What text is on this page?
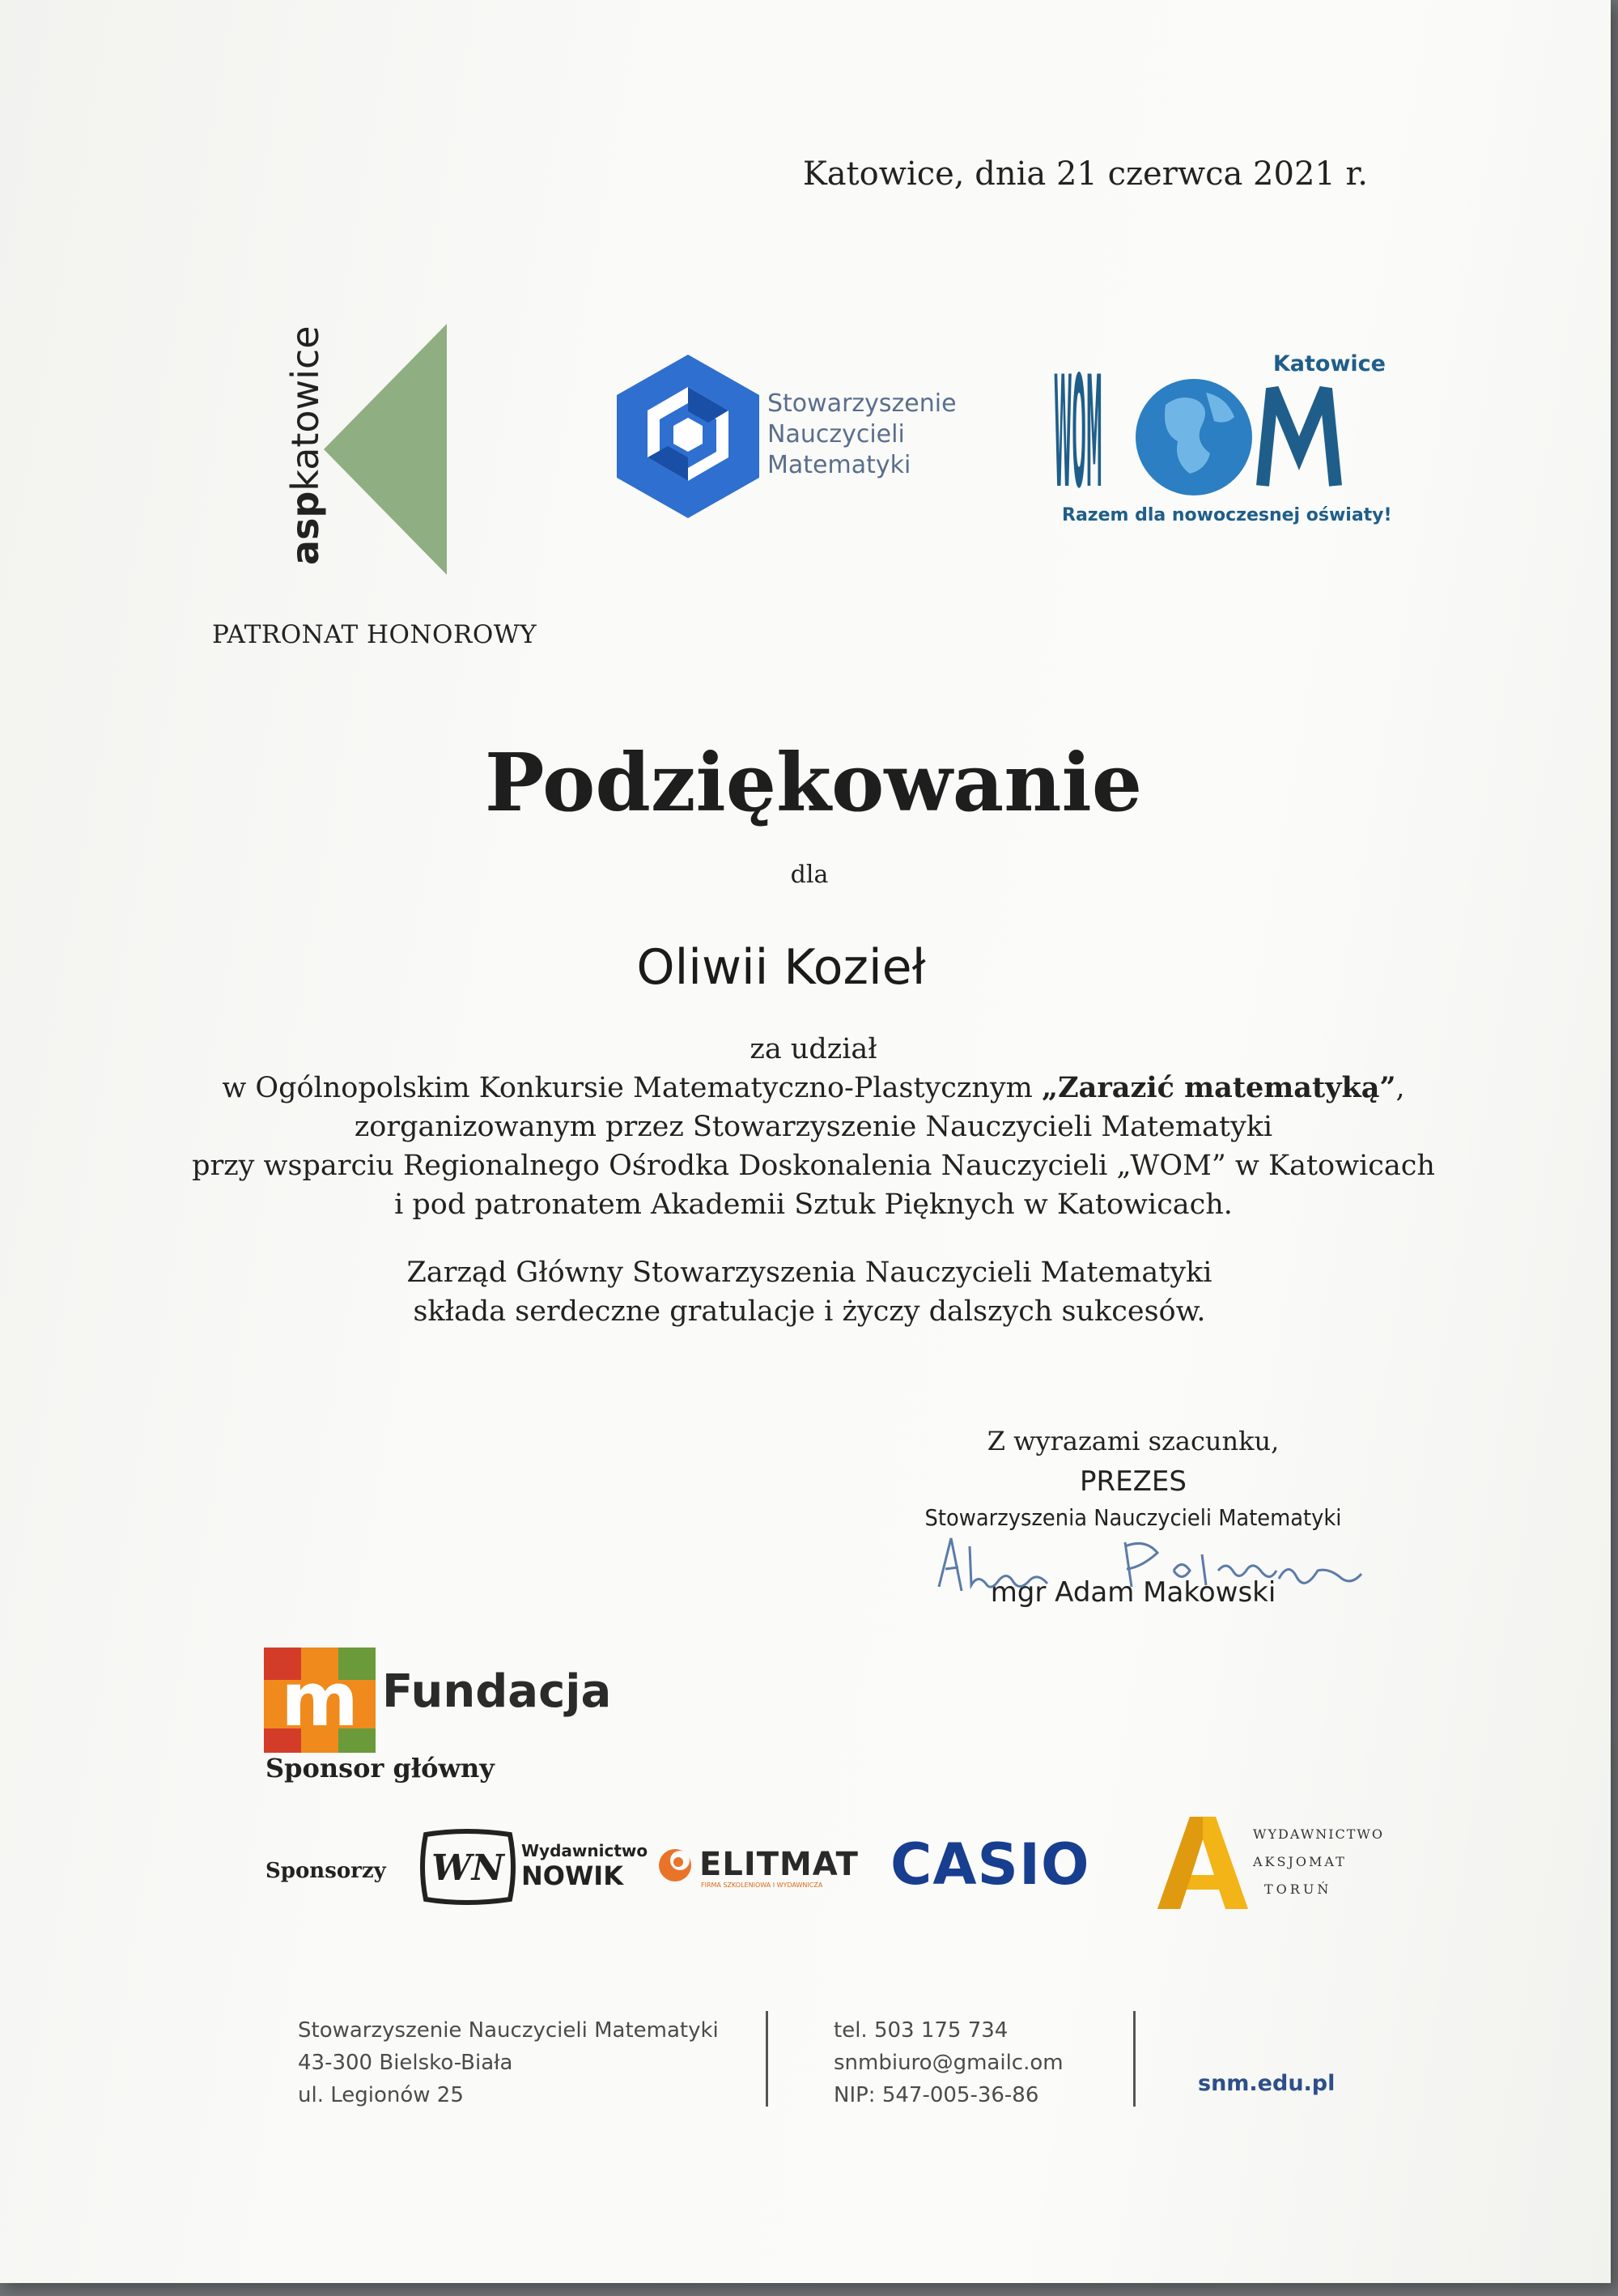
Katowice, dnia 21 czerwca 2021 r.
aspkatowice
PATRONAT HONOROWY
Stowarzyszenie
Nauczycieli
Matematyki WOM	Katowice
Razem dla nowoczesnej oświaty!
Podziękowanie
dla
Oliwii Kozieł

za udział

w Ogólnopolskim Konkursie Matematyczno-Plastycznym „Zarazić matematyką”,

zorganizowanym przez Stowarzyszenie Nauczycieli Matematyki

przy wsparciu Regionalnego Ośrodka Doskonalenia Nauczycieli „WOM” w Katowicach

i pod patronatem Akademii Sztuk Pięknych w Katowicach.

Zarząd Główny Stowarzyszenia Nauczycieli Matematyki
składa serdeczne gratulacje i życzy dalszych sukcesów.
Z wyrazami szacunku,
PREZES
Stowarzyszenia Nauczycieli Matematyki
mgr Adam Makowski
m Fundacja
Sponsor główny
Sponsorzy WN Wydawnictwo
NOWIK ELITMAT
FIRMA SZKOLENIOWA I WYDAWNICZA CASIO	WYDAWNICTWO
AKSJOMAT
TORUŃ
Stowarzyszenie Nauczycieli Matematyki
43-300 Bielsko-Biała
ul. Legionów 25
tel. 503 175 734
snmbiuro@gmailc.om
NIP: 547-005-36-86	snm.edu.pl
